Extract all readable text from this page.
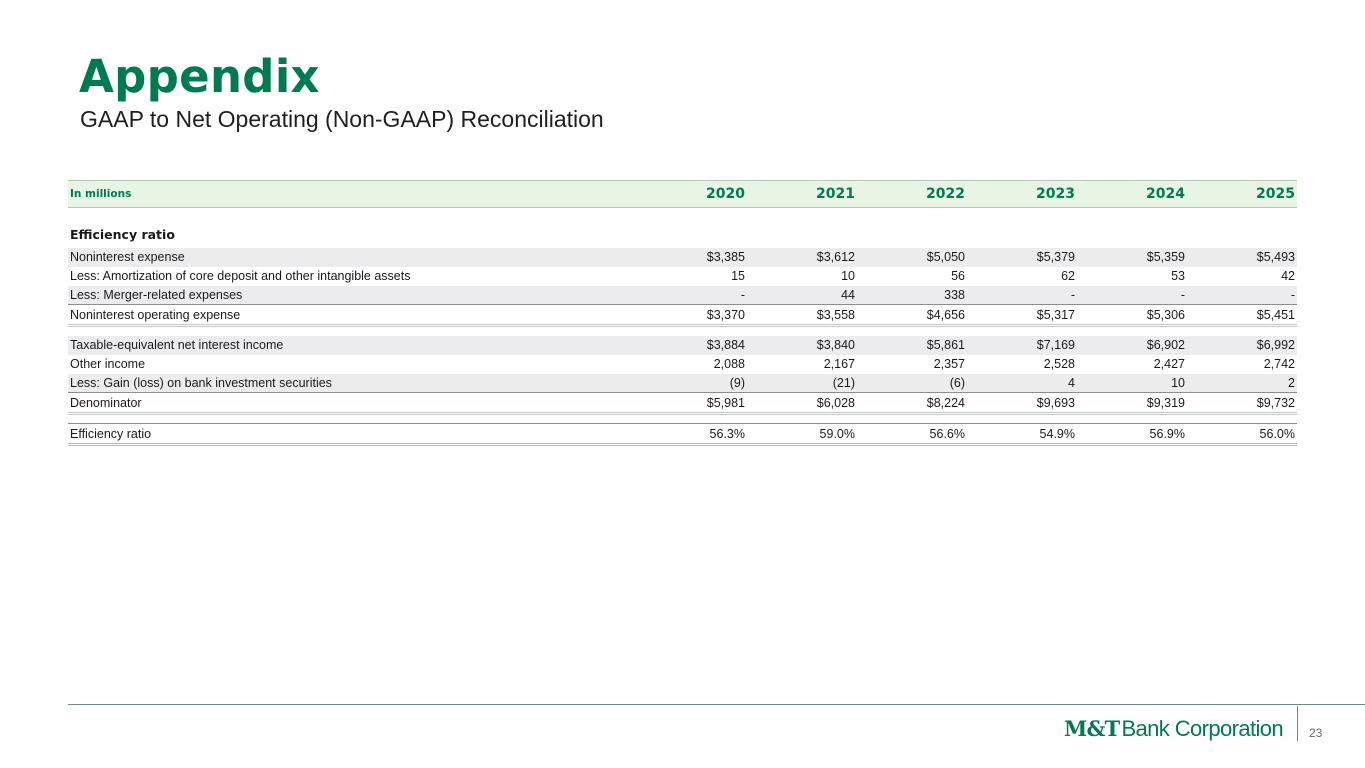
Appendix
GAAP to Net Operating (Non-GAAP) Reconciliation
In millions	2020	2021	2022	2023	2024	2025

Efficiency ratio						
Noninterest expense	$3,385	$3,612	$5,050	$5,379	$5,359	$5,493
Less: Amortization of core deposit and other intangible assets	15	10	56	62	53	42
Less: Merger-related expenses	-	44	338	-	-	-
Noninterest operating expense	$3,370	$3,558	$4,656	$5,317	$5,306	$5,451

Taxable-equivalent net interest income	$3,884	$3,840	$5,861	$7,169	$6,902	$6,992
Other income	2,088	2,167	2,357	2,528	2,427	2,742
Less: Gain (loss) on bank investment securities	(9)	(21)	(6)	4	10	2
Denominator	$5,981	$6,028	$8,224	$9,693	$9,319	$9,732

Efficiency ratio	56.3%	59.0%	56.6%	54.9%	56.9%	56.0%
M&T Bank Corporation 23
